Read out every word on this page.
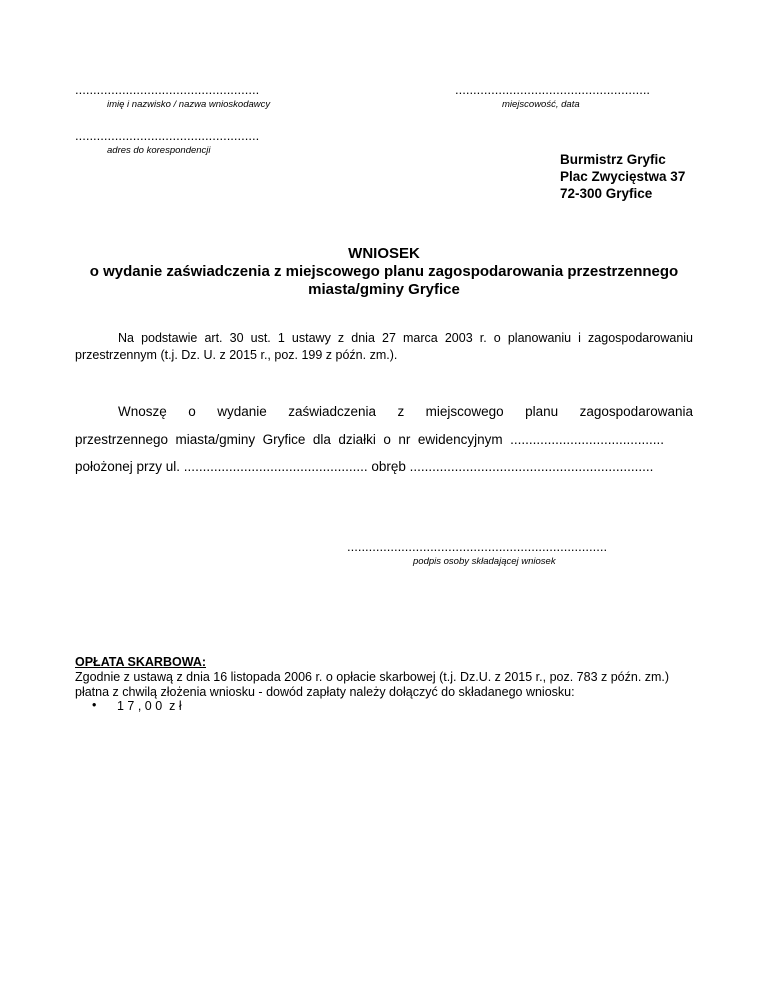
...................................................
imię i nazwisko / nazwa wnioskodawcy
......................................................
miejscowość, data
...................................................
adres do korespondencji
Burmistrz Gryfic
Plac Zwycięstwa 37
72-300 Gryfice
WNIOSEK
o wydanie zaświadczenia z miejscowego planu zagospodarowania przestrzennego
miasta/gminy Gryfice
Na podstawie art. 30 ust. 1 ustawy z dnia 27 marca 2003 r. o planowaniu i zagospodarowaniu przestrzennym (t.j. Dz. U. z 2015 r., poz. 199 z późn. zm.).
Wnoszę o wydanie zaświadczenia z miejscowego planu zagospodarowania
przestrzennego  miasta/gminy  Gryfice  dla  działki  o  nr  ewidencyjnym  .........................................
położonej przy ul. ................................................. obręb .................................................................
........................................................................
podpis osoby składającej wniosek
OPŁATA SKARBOWA:
Zgodnie z ustawą z dnia 16 listopada 2006 r. o opłacie skarbowej (t.j. Dz.U. z 2015 r., poz. 783 z późn. zm.)
płatna z chwilą złożenia wniosku - dowód zapłaty należy dołączyć do składanego wniosku:
• 1 7 , 0 0  z ł
